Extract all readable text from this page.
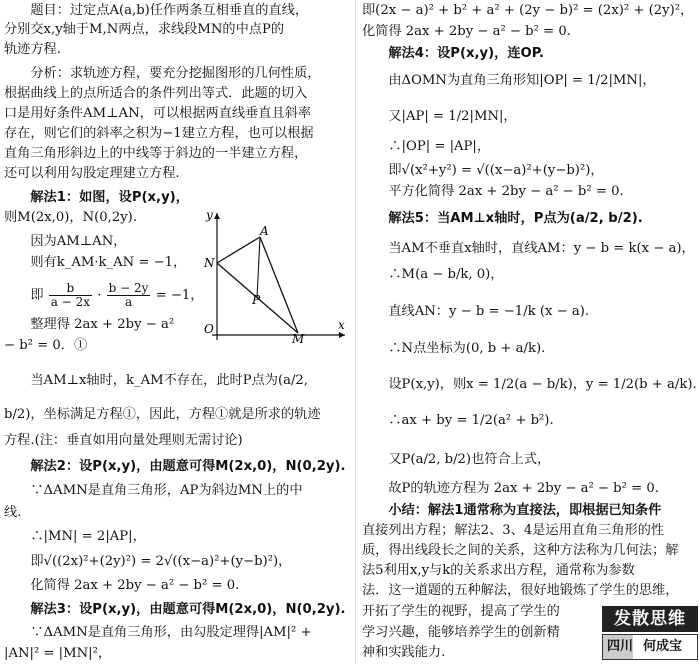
　　题目：过定点A(a,b)任作两条互相垂直的直线，
分别交x,y轴于M,N两点，求线段MN的中点P的
轨迹方程.
　　分析：求轨迹方程，要充分挖掘图形的几何性质，
根据曲线上的点所适合的条件列出等式．此题的切入
口是用好条件AM⊥AN，可以根据两直线垂直且斜率
存在，则它们的斜率之积为−1建立方程，也可以根据
直角三角形斜边上的中线等于斜边的一半建立方程，
还可以利用勾股定理建立方程.
　　解法1：如图，设P(x,y)，
则M(2x,0)，N(0,2y).
　　因为AM⊥AN，
　　则有k_AM·k_AN = −1，
　　即 $\frac{b}{a - 2x} \cdot \frac{b - 2y}{a} = -1$，
　　整理得 2ax + 2by − a²
− b² = 0．①
y
x
A
N
P
O
M
　　当AM⊥x轴时，k_AM不存在，此时P点为(a/2,
b/2)，坐标满足方程①，因此，方程①就是所求的轨迹
方程.(注：垂直如用向量处理则无需讨论)
　　解法2：设P(x,y)，由题意可得M(2x,0)，N(0,2y).
　　∵ΔAMN是直角三角形，AP为斜边MN上的中
线.
　　∴|MN| = 2|AP|，
　　即√((2x)²+(2y)²) = 2√((x−a)²+(y−b)²)，
　　化简得 2ax + 2by − a² − b² = 0.
　　解法3：设P(x,y)，由题意可得M(2x,0)，N(0,2y).
　　∵ΔAMN是直角三角形，由勾股定理得|AM|² +
|AN|² = |MN|²，
即(2x − a)² + b² + a² + (2y − b)² = (2x)² + (2y)²，
化简得 2ax + 2by − a² − b² = 0.
　　解法4：设P(x,y)，连OP.
　　由ΔOMN为直角三角形知|OP| = 1/2|MN|，
　　又|AP| = 1/2|MN|，
　　∴|OP| = |AP|，
　　即√(x²+y²) = √((x−a)²+(y−b)²)，
　　平方化简得 2ax + 2by − a² − b² = 0.
　　解法5：当AM⊥x轴时，P点为(a/2, b/2).
　　当AM不垂直x轴时，直线AM：y − b = k(x − a)，
　　∴M(a − b/k, 0)，
　　直线AN：y − b = −1/k (x − a).
　　∴N点坐标为(0, b + a/k).
　　设P(x,y)，则x = 1/2(a − b/k)，y = 1/2(b + a/k).
　　∴ax + by = 1/2(a² + b²).
　　又P(a/2, b/2)也符合上式，
　　故P的轨迹方程为 2ax + 2by − a² − b² = 0.
　　小结：解法1通常称为直接法，即根据已知条件
直接列出方程；解法2、3、4是运用直角三角形的性
质，得出线段长之间的关系，这种方法称为几何法；解
法5利用x,y与k的关系求出方程，通常称为参数
法．这一道题的五种解法，很好地锻炼了学生的思维，
开拓了学生的视野，提高了学生的
学习兴趣，能够培养学生的创新精
神和实践能力.
发散思维
四川 何成宝
